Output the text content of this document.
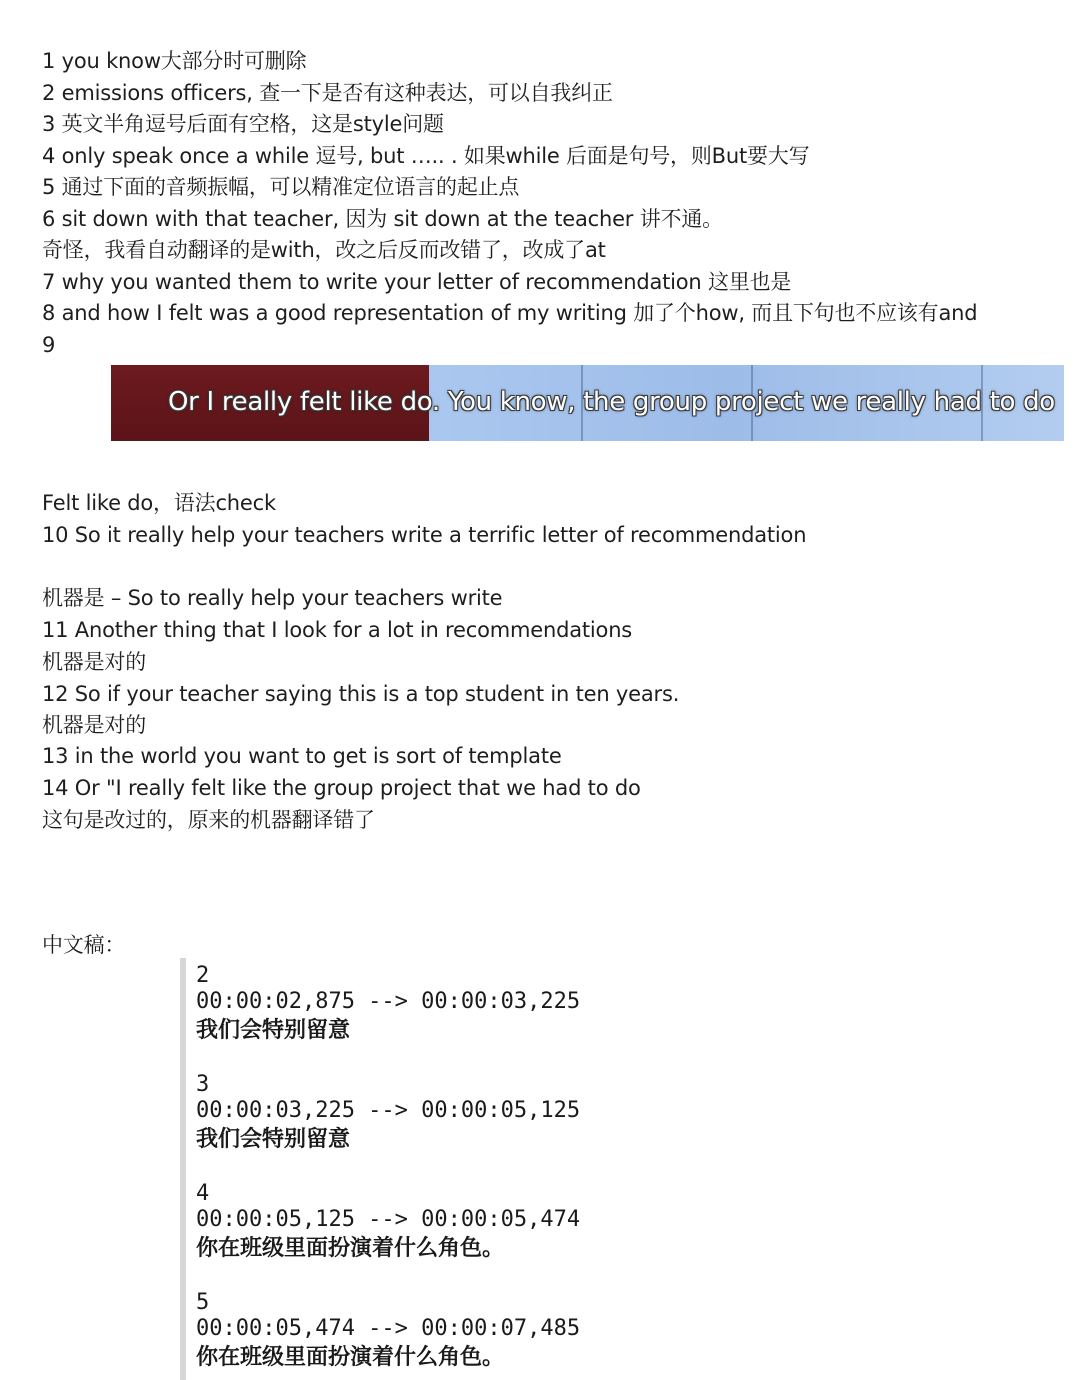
1 you know大部分时可删除
2 emissions officers, 查一下是否有这种表达，可以自我纠正
3 英文半角逗号后面有空格，这是style问题
4 only speak once a while 逗号, but ….. . 如果while 后面是句号，则But要大写
5 通过下面的音频振幅，可以精准定位语言的起止点
6 sit down with that teacher, 因为 sit down at the teacher 讲不通。
奇怪，我看自动翻译的是with，改之后反而改错了，改成了at
7 why you wanted them to write your letter of recommendation 这里也是
8 and how I felt was a good representation of my writing 加了个how, 而且下句也不应该有and
9
Or I really felt like do. You know, the group project we really had to do
Felt like do，语法check
10 So it really help your teachers write a terrific letter of recommendation
机器是 – So to really help your teachers write
11 Another thing that I look for a lot in recommendations
机器是对的
12 So if your teacher saying this is a top student in ten years.
机器是对的
13 in the world you want to get is sort of template
14 Or "I really felt like the group project that we had to do
这句是改过的，原来的机器翻译错了
中文稿：
2
00:00:02,875 --> 00:00:03,225
我们会特别留意
3
00:00:03,225 --> 00:00:05,125
我们会特别留意
4
00:00:05,125 --> 00:00:05,474
你在班级里面扮演着什么角色。
5
00:00:05,474 --> 00:00:07,485
你在班级里面扮演着什么角色。
